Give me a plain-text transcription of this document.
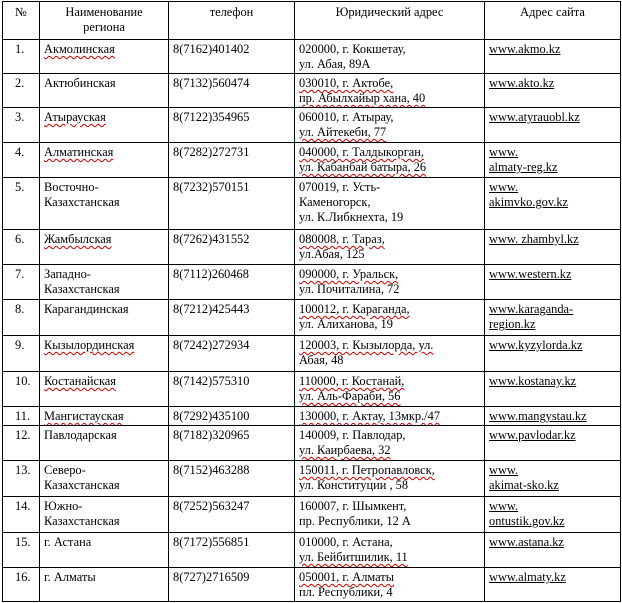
№	Наименование
региона	телефон	Юридический адрес	Адрес сайта
1.	Акмолинская	8(7162)401402	020000, г. Кокшетау,
ул. Абая, 89А	www.akmo.kz

2.	Актюбинская	8(7132)560474	030010, г. Актобе,
пр. Абылхайыр хана, 40	www.akto.kz

3.	Атырауская	8(7122)354965	060010, г. Атырау,
ул. Айтекеби, 77	www.atyrauobl.kz

4.	Алматинская	8(7282)272731	040000, г. Талдыкорган,
ул. Кабанбай батыра, 26	www.
almaty-reg.kz

5.	Восточно-
Казахстанская	8(7232)570151	070019, г. Усть-
Каменогорск,
ул. К.Либкнехта, 19	www.
akimvko.gov.kz

6.	Жамбылская	8(7262)431552	080008, г. Тараз,
ул.Абая, 125	www. zhambyl.kz

7.	Западно-
Казахстанская	8(7112)260468	090000, г. Уральск,
ул. Почиталина, 72	www.western.kz

8.	Карагандинская	8(7212)425443	100012, г. Караганда,
ул. Алиханова, 19	www.karaganda-
region.kz

9.	Кызылординская	8(7242)272934	120003, г. Кызылорда, ул.
Абая, 48	www.kyzylorda.kz

10.	Костанайская	8(7142)575310	110000, г. Костанай,
ул. Аль-Фараби, 56	www.kostanay.kz

11.	Мангистауская	8(7292)435100	130000, г. Актау, 13мкр./47	www.mangystau.kz

12.	Павлодарская	8(7182)320965	140009, г. Павлодар,
ул. Каирбаева, 32	www.pavlodar.kz

13.	Северо-
Казахстанская	8(7152)463288	150011, г. Петропавловск,
ул. Конституции , 58	www.
akimat-sko.kz

14.	Южно-
Казахстанская	8(7252)563247	160007, г. Шымкент,
пр. Республики, 12 А	www.
ontustik.gov.kz

15.	г. Астана	8(7172)556851	010000, г. Астана,
ул. Бейбитшилик, 11	www.astana.kz

16.	г. Алматы	8(727)2716509	050001, г. Алматы
пл. Республики, 4	www.almaty.kz
